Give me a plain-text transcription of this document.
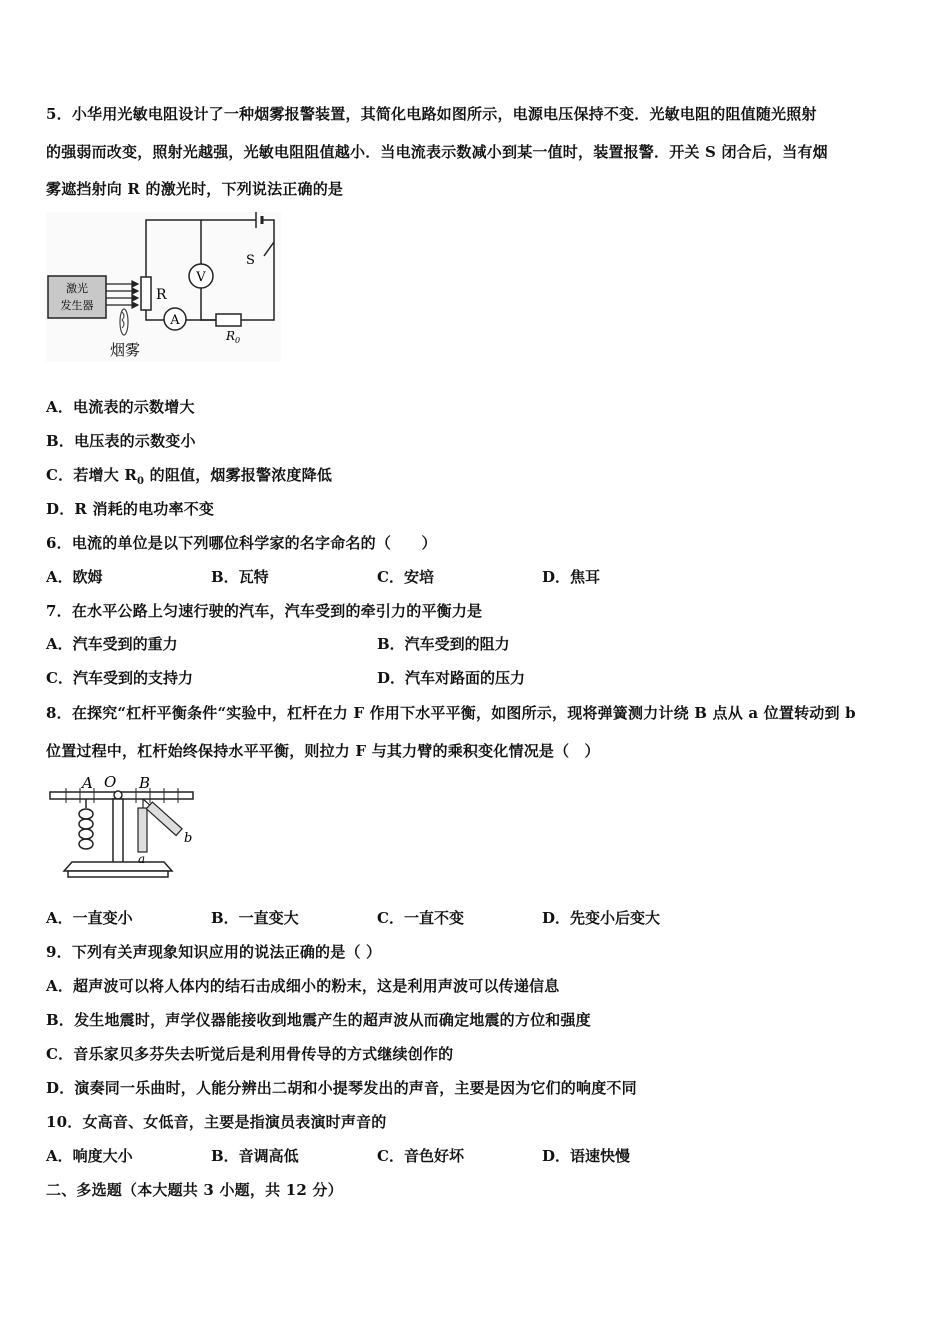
5．小华用光敏电阻设计了一种烟雾报警装置，其简化电路如图所示，电源电压保持不变．光敏电阻的阻值随光照射
的强弱而改变，照射光越强，光敏电阻阻值越小．当电流表示数减小到某一值时，装置报警．开关 S 闭合后，当有烟
雾遮挡射向 R 的激光时，下列说法正确的是
激光
发生器
S
R
V
A
$R_0$
烟雾
A．电流表的示数增大
B．电压表的示数变小
C．若增大 $R_0$ 的阻值，烟雾报警浓度降低
D．R 消耗的电功率不变
6．电流的单位是以下列哪位科学家的名字命名的（　　）
A．欧姆	B．瓦特	C．安培	D．焦耳
7．在水平公路上匀速行驶的汽车，汽车受到的牵引力的平衡力是
A．汽车受到的重力	B．汽车受到的阻力
C．汽车受到的支持力	D．汽车对路面的压力
8．在探究“杠杆平衡条件“实验中，杠杆在力 F 作用下水平平衡，如图所示，现将弹簧测力计绕 B 点从 a 位置转动到 b
位置过程中，杠杆始终保持水平平衡，则拉力 F 与其力臂的乘积变化情况是（　）
A O B
a
b
A．一直变小	B．一直变大	C．一直不变	D．先变小后变大
9．下列有关声现象知识应用的说法正确的是（ ）
A．超声波可以将人体内的结石击成细小的粉末，这是利用声波可以传递信息
B．发生地震时，声学仪器能接收到地震产生的超声波从而确定地震的方位和强度
C．音乐家贝多芬失去听觉后是利用骨传导的方式继续创作的
D．演奏同一乐曲时，人能分辨出二胡和小提琴发出的声音，主要是因为它们的响度不同
10．女高音、女低音，主要是指演员表演时声音的
A．响度大小	B．音调高低	C．音色好坏	D．语速快慢
二、多选题（本大题共 3 小题，共 12 分）
